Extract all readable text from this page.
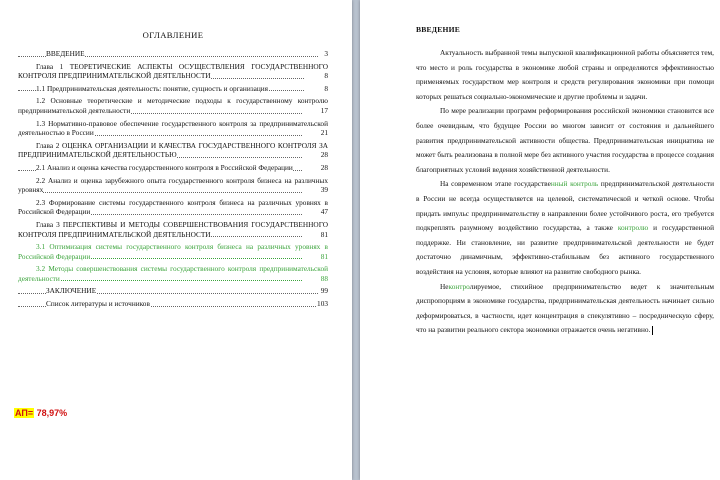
ОГЛАВЛЕНИЕ
ВВЕДЕНИЕ	3
Глава 1 ТЕОРЕТИЧЕСКИЕ АСПЕКТЫ ОСУЩЕСТВЛЕНИЯ ГОСУДАРСТВЕННОГО КОНТРОЛЯ ПРЕДПРИНИМАТЕЛЬСКОЙ ДЕЯТЕЛЬНОСТИ	8
1.1 Предпринимательская деятельность: понятие, сущность и организация	8
1.2 Основные теоретические и методические подходы к государственному контролю предпринимательской деятельности	17
1.3 Нормативно-правовое обеспечение государственного контроля за предпринимательской деятельностью в России	21
Глава 2 ОЦЕНКА ОРГАНИЗАЦИИ И КАЧЕСТВА ГОСУДАРСТВЕННОГО КОНТРОЛЯ ЗА ПРЕДПРИНИМАТЕЛЬСКОЙ ДЕЯТЕЛЬНОСТЬЮ	28
2.1 Анализ и оценка качества государственного контроля в Российской Федерации	28
2.2 Анализ и оценка зарубежного опыта государственного контроля бизнеса на различных уровнях	39
2.3 Формирование системы государственного контроля бизнеса на различных уровнях в Российской Федерации	47
Глава 3 ПЕРСПЕКТИВЫ И МЕТОДЫ СОВЕРШЕНСТВОВАНИЯ ГОСУДАРСТВЕННОГО КОНТРОЛЯ ПРЕДПРИНИМАТЕЛЬСКОЙ ДЕЯТЕЛЬНОСТИ	81
3.1 Оптимизация системы государственного контроля бизнеса на различных уровнях в Российской Федерации	81
3.2 Методы совершенствования системы государственного контроля предпринимательской деятельности	88
ЗАКЛЮЧЕНИЕ	99
Список литературы и источников	103
АП= 78,97%
ВВЕДЕНИЕ

Актуальность выбранной темы выпускной квалификационной работы объясняется тем, что место и роль государства в экономике любой страны и определяются эффективностью применяемых государством мер контроля и средств регулирования экономики при помощи которых решаться социально-экономические и другие проблемы и задачи.

По мере реализации программ реформирования российской экономики становится все более очевидным, что будущее России во многом зависит от состояния и дальнейшего развития предпринимательской активности общества. Предпринимательская инициатива не может быть реализована в полной мере без активного участия государства в процессе создания благоприятных условий ведения хозяйственной деятельности.

На современном этапе государственный контроль предпринимательской деятельности в России не всегда осуществляется на целевой, систематической и четкой основе. Чтобы придать импульс предпринимательству в направлении более устойчивого роста, его требуется подкреплять разумному воздействию государства, а также контролю и государственной поддержке. Ни становление, ни развитие предпринимательской деятельности не будет достаточно динамичным, эффективно-стабильным без активного государственного воздействия на условия, которые влияют на развитие свободного рынка.

Неконтролируемое, стихийное предпринимательство ведет к значительным диспропорциям в экономике государства, предпринимательская деятельность начинает сильно деформироваться, в частности, идет концентрация в спекулятивно – посредническую сферу, что на развитии реального сектора экономики отражается очень негативно.
